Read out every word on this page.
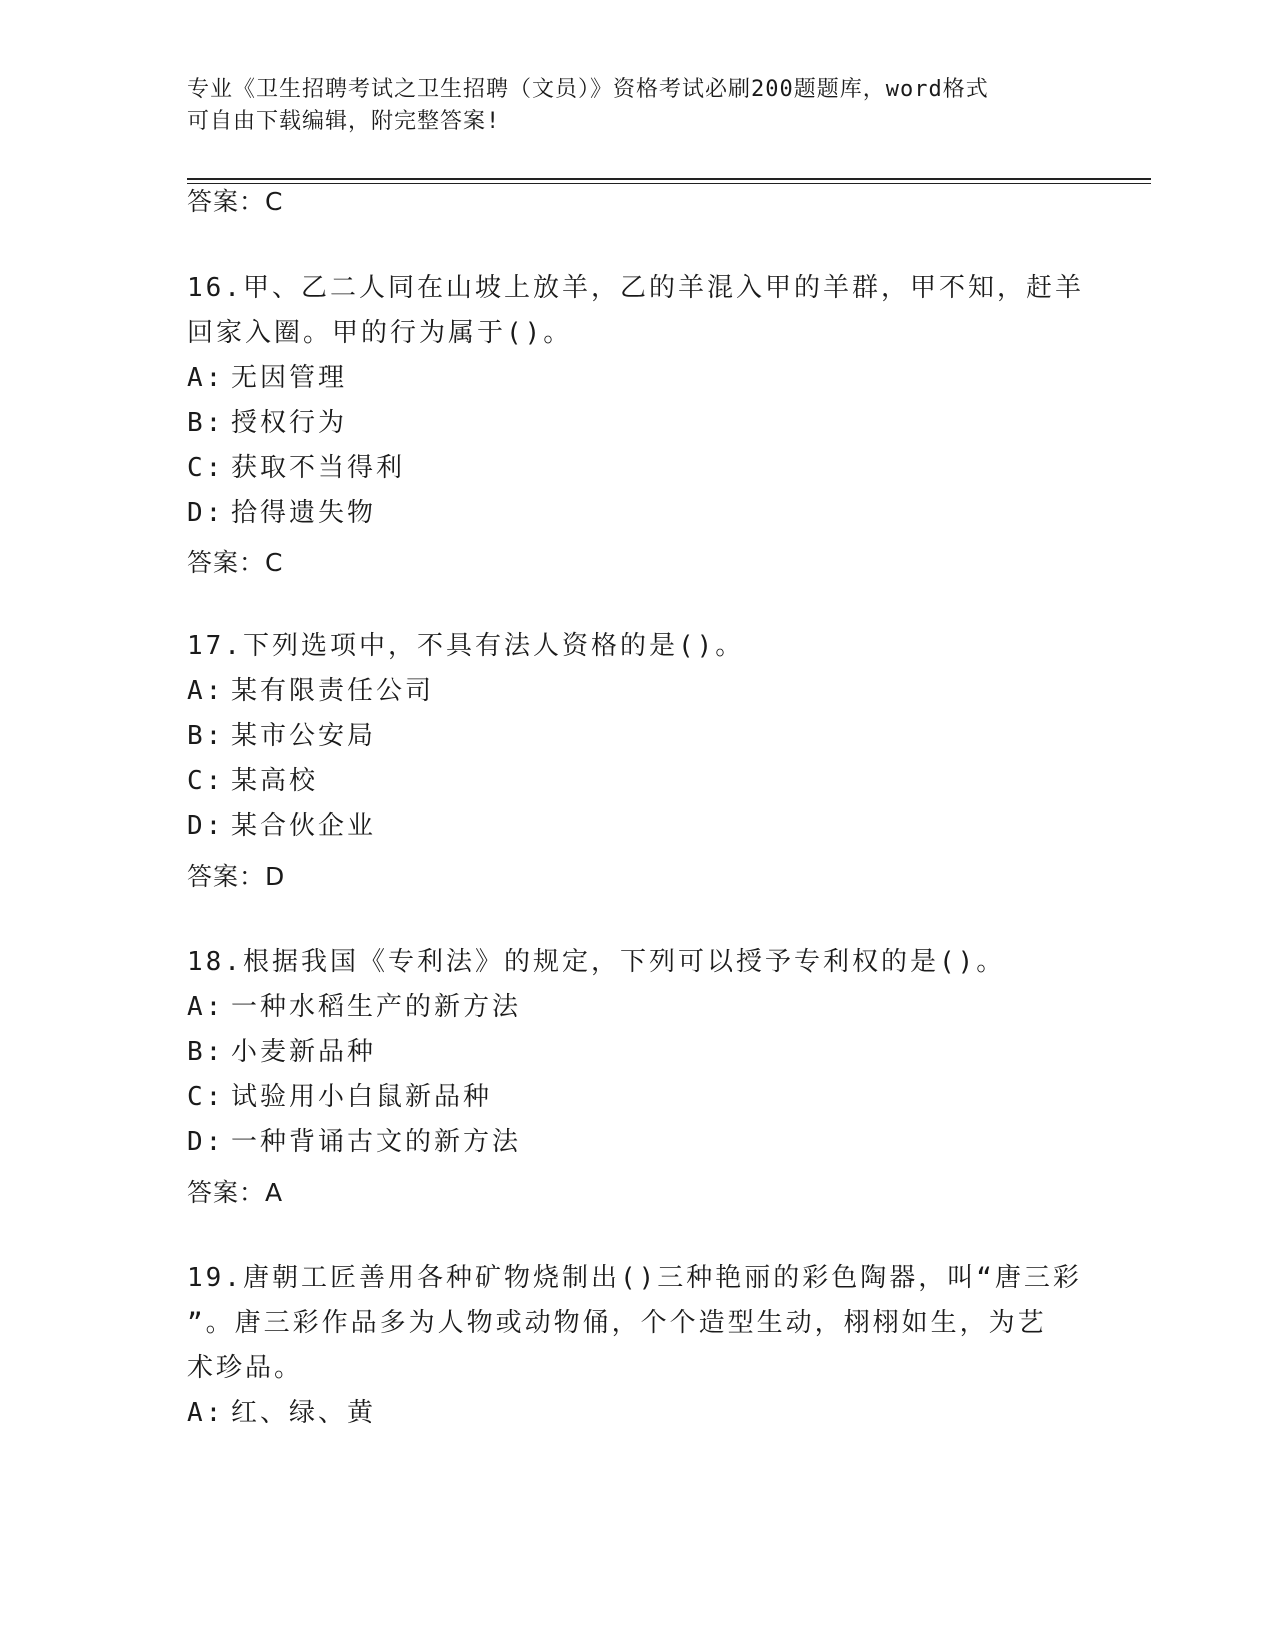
专业《卫生招聘考试之卫生招聘（文员）》资格考试必刷200题题库，word格式
可自由下载编辑，附完整答案!
答案：C
16.甲、乙二人同在山坡上放羊，乙的羊混入甲的羊群，甲不知，赶羊
回家入圈。甲的行为属于()。
A: 无因管理
B: 授权行为
C: 获取不当得利
D: 拾得遗失物
答案：C
17.下列选项中，不具有法人资格的是()。
A: 某有限责任公司
B: 某市公安局
C: 某高校
D: 某合伙企业
答案：D
18.根据我国《专利法》的规定，下列可以授予专利权的是()。
A: 一种水稻生产的新方法
B: 小麦新品种
C: 试验用小白鼠新品种
D: 一种背诵古文的新方法
答案：A
19.唐朝工匠善用各种矿物烧制出()三种艳丽的彩色陶器，叫“唐三彩
”。唐三彩作品多为人物或动物俑，个个造型生动，栩栩如生，为艺
术珍品。
A: 红、绿、黄
